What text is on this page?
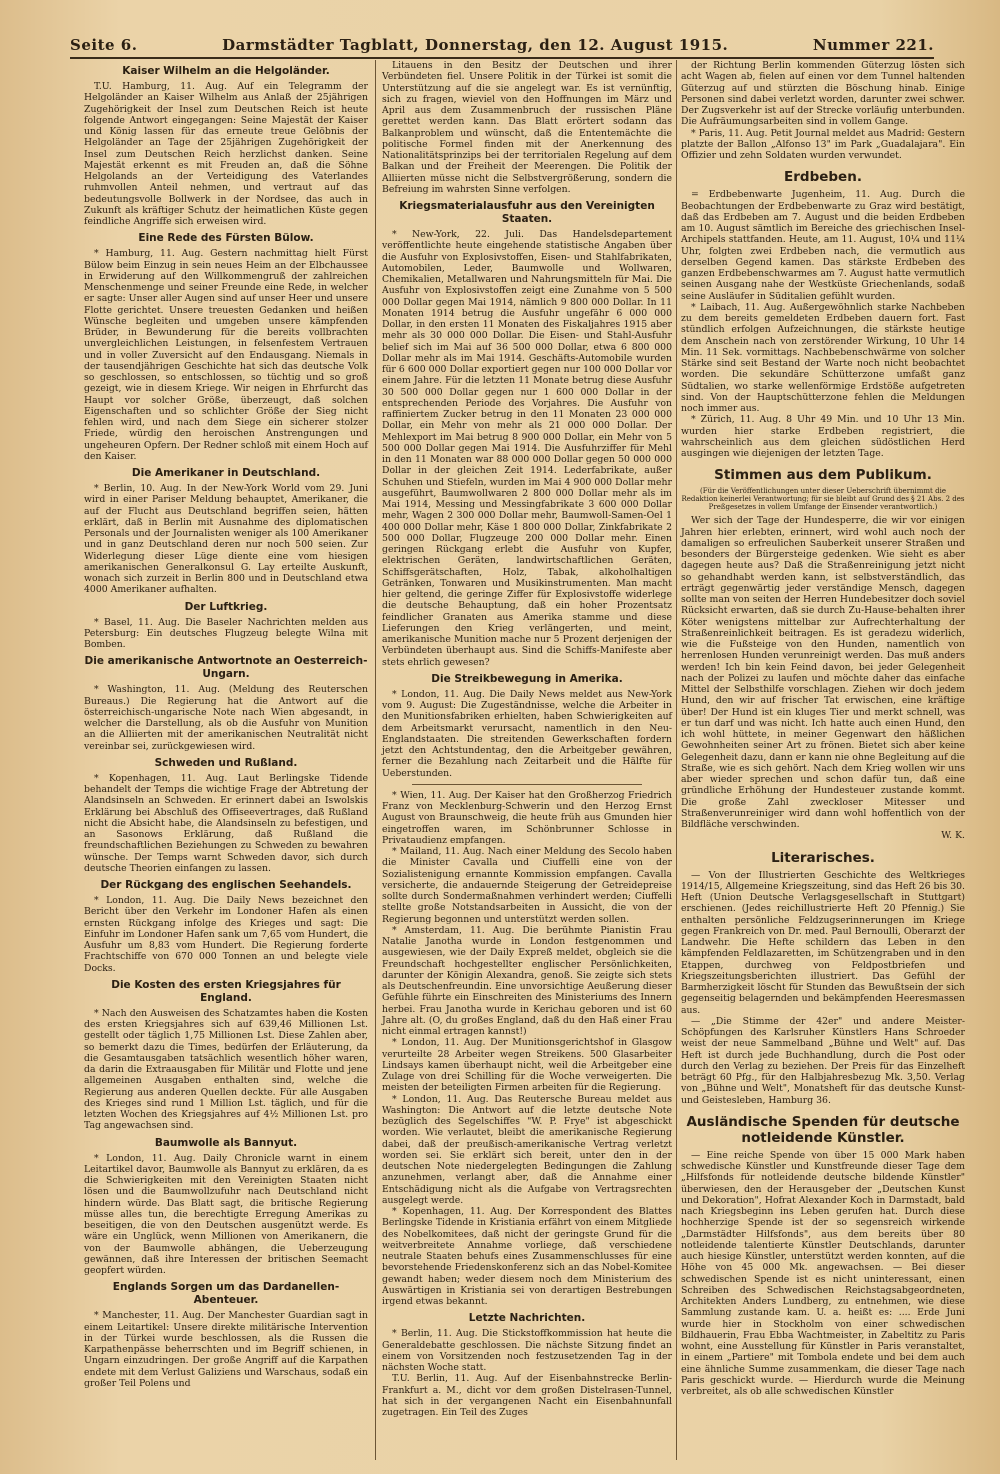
Seite 6.	Darmstädter Tagblatt, Donnerstag, den 12. August 1915.	Nummer 221.
Kaiser Wilhelm an die Helgoländer.

T.U. Hamburg, 11. Aug. Auf ein Telegramm der Helgoländer an Kaiser Wilhelm aus Anlaß der 25jährigen Zugehörigkeit der Insel zum Deutschen Reich ist heute folgende Antwort eingegangen: Seine Majestät der Kaiser und König lassen für das erneute treue Gelöbnis der Helgoländer an Tage der 25jährigen Zugehörigkeit der Insel zum Deutschen Reich herzlichst danken. Seine Majestät erkennt es mit Freuden an, daß die Söhne Helgolands an der Verteidigung des Vaterlandes ruhmvollen Anteil nehmen, und vertraut auf das bedeutungsvolle Bollwerk in der Nordsee, das auch in Zukunft als kräftiger Schutz der heimatlichen Küste gegen feindliche Angriffe sich erweisen wird.

Eine Rede des Fürsten Bülow.

* Hamburg, 11. Aug. Gestern nachmittag hielt Fürst Bülow beim Einzug in sein neues Heim an der Elbchaussee in Erwiderung auf den Willkommengruß der zahlreichen Menschenmenge und seiner Freunde eine Rede, in welcher er sagte: Unser aller Augen sind auf unser Heer und unsere Flotte gerichtet. Unsere treuesten Gedanken und heißen Wünsche begleiten und umgeben unsere kämpfenden Brüder, in Bewunderung für die bereits vollbrachten unvergleichlichen Leistungen, in felsenfestem Vertrauen und in voller Zuversicht auf den Endausgang. Niemals in der tausendjährigen Geschichte hat sich das deutsche Volk so geschlossen, so entschlossen, so tüchtig und so groß gezeigt, wie in diesem Kriege. Wir neigen in Ehrfurcht das Haupt vor solcher Größe, überzeugt, daß solchen Eigenschaften und so schlichter Größe der Sieg nicht fehlen wird, und nach dem Siege ein sicherer stolzer Friede, würdig den heroischen Anstrengungen und ungeheuren Opfern. Der Redner schloß mit einem Hoch auf den Kaiser.

Die Amerikaner in Deutschland.

* Berlin, 10. Aug. In der New-York World vom 29. Juni wird in einer Pariser Meldung behauptet, Amerikaner, die auf der Flucht aus Deutschland begriffen seien, hätten erklärt, daß in Berlin mit Ausnahme des diplomatischen Personals und der Journalisten weniger als 100 Amerikaner und in ganz Deutschland deren nur noch 500 seien. Zur Widerlegung dieser Lüge diente eine vom hiesigen amerikanischen Generalkonsul G. Lay erteilte Auskunft, wonach sich zurzeit in Berlin 800 und in Deutschland etwa 4000 Amerikaner aufhalten.

Der Luftkrieg.

* Basel, 11. Aug. Die Baseler Nachrichten melden aus Petersburg: Ein deutsches Flugzeug belegte Wilna mit Bomben.

Die amerikanische Antwortnote an Oesterreich-Ungarn.

* Washington, 11. Aug. (Meldung des Reuterschen Bureaus.) Die Regierung hat die Antwort auf die österreichisch-ungarische Note nach Wien abgesandt, in welcher die Darstellung, als ob die Ausfuhr von Munition an die Alliierten mit der amerikanischen Neutralität nicht vereinbar sei, zurückgewiesen wird.

Schweden und Rußland.

* Kopenhagen, 11. Aug. Laut Berlingske Tidende behandelt der Temps die wichtige Frage der Abtretung der Alandsinseln an Schweden. Er erinnert dabei an Iswolskis Erklärung bei Abschluß des Offiseevertrages, daß Rußland nicht die Absicht habe, die Alandsinseln zu befestigen, und an Sasonows Erklärung, daß Rußland die freundschaftlichen Beziehungen zu Schweden zu bewahren wünsche. Der Temps warnt Schweden davor, sich durch deutsche Theorien einfangen zu lassen.

Der Rückgang des englischen Seehandels.

* London, 11. Aug. Die Daily News bezeichnet den Bericht über den Verkehr im Londoner Hafen als einen ernsten Rückgang infolge des Krieges und sagt: Die Einfuhr im Londoner Hafen sank um 7,65 vom Hundert, die Ausfuhr um 8,83 vom Hundert. Die Regierung forderte Frachtschiffe von 670 000 Tonnen an und belegte viele Docks.

Die Kosten des ersten Kriegsjahres für England.

* Nach den Ausweisen des Schatzamtes haben die Kosten des ersten Kriegsjahres sich auf 639,46 Millionen Lst. gestellt oder täglich 1,75 Millionen Lst. Diese Zahlen aber, so bemerkt dazu die Times, bedürfen der Erläuterung, da die Gesamtausgaben tatsächlich wesentlich höher waren, da darin die Extraausgaben für Militär und Flotte und jene allgemeinen Ausgaben enthalten sind, welche die Regierung aus anderen Quellen deckte. Für alle Ausgaben des Krieges sind rund 1 Million Lst. täglich, und für die letzten Wochen des Kriegsjahres auf 4½ Millionen Lst. pro Tag angewachsen sind.

Baumwolle als Bannyut.

* London, 11. Aug. Daily Chronicle warnt in einem Leitartikel davor, Baumwolle als Bannyut zu erklären, da es die Schwierigkeiten mit den Vereinigten Staaten nicht lösen und die Baumwollzufuhr nach Deutschland nicht hindern würde. Das Blatt sagt, die britische Regierung müsse alles tun, die berechtigte Erregung Amerikas zu beseitigen, die von den Deutschen ausgenützt werde. Es wäre ein Unglück, wenn Millionen von Amerikanern, die von der Baumwolle abhängen, die Ueberzeugung gewännen, daß ihre Interessen der britischen Seemacht geopfert würden.

Englands Sorgen um das Dardanellen-Abenteuer.

* Manchester, 11. Aug. Der Manchester Guardian sagt in einem Leitartikel: Unsere direkte militärische Intervention in der Türkei wurde beschlossen, als die Russen die Karpathenpässe beherrschten und im Begriff schienen, in Ungarn einzudringen. Der große Angriff auf die Karpathen endete mit dem Verlust Galiziens und Warschaus, sodaß ein großer Teil Polens und

Litauens in den Besitz der Deutschen und ihrer Verbündeten fiel. Unsere Politik in der Türkei ist somit die Unterstützung auf die sie angelegt war. Es ist vernünftig, sich zu fragen, wieviel von den Hoffnungen im März und April aus dem Zusammenbruch der russischen Pläne gerettet werden kann. Das Blatt erörtert sodann das Balkanproblem und wünscht, daß die Ententemächte die politische Formel finden mit der Anerkennung des Nationalitätsprinzips bei der territorialen Regelung auf dem Balkan und der Freiheit der Meerengen. Die Politik der Alliierten müsse nicht die Selbstvergrößerung, sondern die Befreiung im wahrsten Sinne verfolgen.

Kriegsmaterialausfuhr aus den Vereinigten Staaten.

* New-York, 22. Juli. Das Handelsdepartement veröffentlichte heute eingehende statistische Angaben über die Ausfuhr von Explosivstoffen, Eisen- und Stahlfabrikaten, Automobilen, Leder, Baumwolle und Wollwaren, Chemikalien, Metallwaren und Nahrungsmitteln für Mai. Die Ausfuhr von Explosivstoffen zeigt eine Zunahme von 5 500 000 Dollar gegen Mai 1914, nämlich 9 800 000 Dollar. In 11 Monaten 1914 betrug die Ausfuhr ungefähr 6 000 000 Dollar, in den ersten 11 Monaten des Fiskaljahres 1915 aber mehr als 30 000 000 Dollar. Die Eisen- und Stahl-Ausfuhr belief sich im Mai auf 36 500 000 Dollar, etwa 6 800 000 Dollar mehr als im Mai 1914. Geschäfts-Automobile wurden für 6 600 000 Dollar exportiert gegen nur 100 000 Dollar vor einem Jahre. Für die letzten 11 Monate betrug diese Ausfuhr 30 500 000 Dollar gegen nur 1 600 000 Dollar in der entsprechenden Periode des Vorjahres. Die Ausfuhr von raffiniertem Zucker betrug in den 11 Monaten 23 000 000 Dollar, ein Mehr von mehr als 21 000 000 Dollar. Der Mehlexport im Mai betrug 8 900 000 Dollar, ein Mehr von 5 500 000 Dollar gegen Mai 1914. Die Ausfuhrziffer für Mehl in den 11 Monaten war 88 000 000 Dollar gegen 50 000 000 Dollar in der gleichen Zeit 1914. Lederfabrikate, außer Schuhen und Stiefeln, wurden im Mai 4 900 000 Dollar mehr ausgeführt, Baumwollwaren 2 800 000 Dollar mehr als im Mai 1914, Messing und Messingfabrikate 3 600 000 Dollar mehr, Wagen 2 300 000 Dollar mehr, Baumwoll-Samen-Oel 1 400 000 Dollar mehr, Käse 1 800 000 Dollar, Zinkfabrikate 2 500 000 Dollar, Flugzeuge 200 000 Dollar mehr. Einen geringen Rückgang erlebt die Ausfuhr von Kupfer, elektrischen Geräten, landwirtschaftlichen Geräten, Schiffsgerätschaften, Holz, Tabak, alkoholhaltigen Getränken, Tonwaren und Musikinstrumenten. Man macht hier geltend, die geringe Ziffer für Explosivstoffe widerlege die deutsche Behauptung, daß ein hoher Prozentsatz feindlicher Granaten aus Amerika stamme und diese Lieferungen den Krieg verlängerten, und meint, amerikanische Munition mache nur 5 Prozent derjenigen der Verbündeten überhaupt aus. Sind die Schiffs-Manifeste aber stets ehrlich gewesen?

Die Streikbewegung in Amerika.

* London, 11. Aug. Die Daily News meldet aus New-York vom 9. August: Die Zugeständnisse, welche die Arbeiter in den Munitionsfabriken erhielten, haben Schwierigkeiten auf dem Arbeitsmarkt verursacht, namentlich in den Neu-Englandstaaten. Die streitenden Gewerkschaften fordern jetzt den Achtstundentag, den die Arbeitgeber gewähren, ferner die Bezahlung nach Zeitarbeit und die Hälfte für Ueberstunden.

* Wien, 11. Aug. Der Kaiser hat den Großherzog Friedrich Franz von Mecklenburg-Schwerin und den Herzog Ernst August von Braunschweig, die heute früh aus Gmunden hier eingetroffen waren, im Schönbrunner Schlosse in Privataudienz empfangen.

* Mailand, 11. Aug. Nach einer Meldung des Secolo haben die Minister Cavalla und Ciuffelli eine von der Sozialistenigung ernannte Kommission empfangen. Cavalla versicherte, die andauernde Steigerung der Getreidepreise sollte durch Sondermaßnahmen verhindert werden; Ciuffelli stellte große Notstandsarbeiten in Aussicht, die von der Regierung begonnen und unterstützt werden sollen.

* Amsterdam, 11. Aug. Die berühmte Pianistin Frau Natalie Janotha wurde in London festgenommen und ausgewiesen, wie der Daily Expreß meldet, obgleich sie die Freundschaft hochgestellter englischer Persönlichkeiten, darunter der Königin Alexandra, genoß. Sie zeigte sich stets als Deutschenfreundin. Eine unvorsichtige Aeußerung dieser Gefühle führte ein Einschreiten des Ministeriums des Innern herbei. Frau Janotha wurde in Kerichau geboren und ist 60 Jahre alt. (O, du großes England, daß du den Haß einer Frau nicht einmal ertragen kannst!)

* London, 11. Aug. Der Munitionsgerichtshof in Glasgow verurteilte 28 Arbeiter wegen Streikens. 500 Glasarbeiter Lindsays kamen überhaupt nicht, weil die Arbeitgeber eine Zulage von drei Schilling für die Woche verweigerten. Die meisten der beteiligten Firmen arbeiten für die Regierung.

* London, 11. Aug. Das Reutersche Bureau meldet aus Washington: Die Antwort auf die letzte deutsche Note bezüglich des Segelschiffes "W. P. Frye" ist abgeschickt worden. Wie verlautet, bleibt die amerikanische Regierung dabei, daß der preußisch-amerikanische Vertrag verletzt worden sei. Sie erklärt sich bereit, unter den in der deutschen Note niedergelegten Bedingungen die Zahlung anzunehmen, verlangt aber, daß die Annahme einer Entschädigung nicht als die Aufgabe von Vertragsrechten ausgelegt werde.

* Kopenhagen, 11. Aug. Der Korrespondent des Blattes Berlingske Tidende in Kristiania erfährt von einem Mitgliede des Nobelkomitees, daß nicht der geringste Grund für die weitverbreitete Annahme vorliege, daß verschiedene neutrale Staaten behufs eines Zusammenschlusses für eine bevorstehende Friedenskonferenz sich an das Nobel-Komitee gewandt haben; weder diesem noch dem Ministerium des Auswärtigen in Kristiania sei von derartigen Bestrebungen irgend etwas bekannt.

Letzte Nachrichten.

* Berlin, 11. Aug. Die Stickstoffkommission hat heute die Generaldebatte geschlossen. Die nächste Sitzung findet an einem von Vorsitzenden noch festzusetzenden Tag in der nächsten Woche statt.

T.U. Berlin, 11. Aug. Auf der Eisenbahnstrecke Berlin-Frankfurt a. M., dicht vor dem großen Distelrasen-Tunnel, hat sich in der vergangenen Nacht ein Eisenbahnunfall zugetragen. Ein Teil des Zuges

der Richtung Berlin kommenden Güterzug lösten sich acht Wagen ab, fielen auf einen vor dem Tunnel haltenden Güterzug auf und stürzten die Böschung hinab. Einige Personen sind dabei verletzt worden, darunter zwei schwer. Der Zugsverkehr ist auf der Strecke vorläufig unterbunden. Die Aufräumungsarbeiten sind in vollem Gange.

* Paris, 11. Aug. Petit Journal meldet aus Madrid: Gestern platzte der Ballon „Alfonso 13" im Park „Guadalajara". Ein Offizier und zehn Soldaten wurden verwundet.

Erdbeben.

= Erdbebenwarte Jugenheim, 11. Aug. Durch die Beobachtungen der Erdbebenwarte zu Graz wird bestätigt, daß das Erdbeben am 7. August und die beiden Erdbeben am 10. August sämtlich im Bereiche des griechischen Insel-Archipels stattfanden. Heute, am 11. August, 10¼ und 11¼ Uhr, folgten zwei Erdbeben nach, die vermutlich aus derselben Gegend kamen. Das stärkste Erdbeben des ganzen Erdbebenschwarmes am 7. August hatte vermutlich seinen Ausgang nahe der Westküste Griechenlands, sodaß seine Ausläufer in Süditalien gefühlt wurden.

* Laibach, 11. Aug. Außergewöhnlich starke Nachbeben zu dem bereits gemeldeten Erdbeben dauern fort. Fast stündlich erfolgen Aufzeichnungen, die stärkste heutige dem Anschein nach von zerstörender Wirkung, 10 Uhr 14 Min. 11 Sek. vormittags. Nachbebenschwärme von solcher Stärke sind seit Bestand der Warte noch nicht beobachtet worden. Die sekundäre Schütterzone umfaßt ganz Südtalien, wo starke wellenförmige Erdstöße aufgetreten sind. Von der Hauptschütterzone fehlen die Meldungen noch immer aus.

* Zürich, 11. Aug. 8 Uhr 49 Min. und 10 Uhr 13 Min. wurden hier starke Erdbeben registriert, die wahrscheinlich aus dem gleichen südöstlichen Herd ausgingen wie diejenigen der letzten Tage.

Stimmen aus dem Publikum.
(Für die Veröffentlichungen unter dieser Ueberschrift übernimmt die Redaktion keinerlei Verantwortung; für sie bleibt auf Grund des § 21 Abs. 2 des Preßgesetzes in vollem Umfange der Einsender verantwortlich.)

Wer sich der Tage der Hundesperre, die wir vor einigen Jahren hier erlebten, erinnert, wird wohl auch noch der damaligen so erfreulichen Sauberkeit unserer Straßen und besonders der Bürgersteige gedenken. Wie sieht es aber dagegen heute aus? Daß die Straßenreinigung jetzt nicht so gehandhabt werden kann, ist selbstverständlich, das erträgt gegenwärtig jeder verständige Mensch, dagegen sollte man von seiten der Herren Hundebesitzer doch soviel Rücksicht erwarten, daß sie durch Zu-Hause-behalten ihrer Köter wenigstens mittelbar zur Aufrechterhaltung der Straßenreinlichkeit beitragen. Es ist geradezu widerlich, wie die Fußsteige von den Hunden, namentlich von herrenlosen Hunden verunreinigt werden. Das muß anders werden! Ich bin kein Feind davon, bei jeder Gelegenheit nach der Polizei zu laufen und möchte daher das einfache Mittel der Selbsthilfe vorschlagen. Ziehen wir doch jedem Hund, den wir auf frischer Tat erwischen, eine kräftige über! Der Hund ist ein kluges Tier und merkt schnell, was er tun darf und was nicht. Ich hatte auch einen Hund, den ich wohl hüttete, in meiner Gegenwart den häßlichen Gewohnheiten seiner Art zu frönen. Bietet sich aber keine Gelegenheit dazu, dann er kann nie ohne Begleitung auf die Straße, wie es sich gehört. Nach dem Krieg wollen wir uns aber wieder sprechen und schon dafür tun, daß eine gründliche Erhöhung der Hundesteuer zustande kommt. Die große Zahl zweckloser Mitesser und Straßenverunreiniger wird dann wohl hoffentlich von der Bildfläche verschwinden.

W. K.

Literarisches.

— Von der Illustrierten Geschichte des Weltkrieges 1914/15, Allgemeine Kriegszeitung, sind das Heft 26 bis 30. Heft (Union Deutsche Verlagsgesellschaft in Stuttgart) erschienen. (Jedes reichillustrierte Heft 20 Pfennig.) Sie enthalten persönliche Feldzugserinnerungen im Kriege gegen Frankreich von Dr. med. Paul Bernoulli, Oberarzt der Landwehr. Die Hefte schildern das Leben in den kämpfenden Feldlazaretten, im Schützengraben und in den Etappen, durchweg von Feldpostbriefen und Kriegszeitungsberichten illustriert. Das Gefühl der Barmherzigkeit löscht für Stunden das Bewußtsein der sich gegenseitig belagernden und bekämpfenden Heeresmassen aus.

— „Die Stimme der 42er" und andere Meister-Schöpfungen des Karlsruher Künstlers Hans Schroeder weist der neue Sammelband „Bühne und Welt" auf. Das Heft ist durch jede Buchhandlung, durch die Post oder durch den Verlag zu beziehen. Der Preis für das Einzelheft beträgt 60 Pfg., für den Halbjahresbezug Mk. 3,50. Verlag von „Bühne und Welt", Monatsheft für das deutsche Kunst- und Geistesleben, Hamburg 36.

Ausländische Spenden für deutsche notleidende Künstler.

— Eine reiche Spende von über 15 000 Mark haben schwedische Künstler und Kunstfreunde dieser Tage dem „Hilfsfonds für notleidende deutsche bildende Künstler" überwiesen, den der Herausgeber der „Deutschen Kunst und Dekoration", Hofrat Alexander Koch in Darmstadt, bald nach Kriegsbeginn ins Leben gerufen hat. Durch diese hochherzige Spende ist der so segensreich wirkende „Darmstädter Hilfsfonds", aus dem bereits über 80 notleidende talentierte Künstler Deutschlands, darunter auch hiesige Künstler, unterstützt werden konnten, auf die Höhe von 45 000 Mk. angewachsen. — Bei dieser schwedischen Spende ist es nicht uninteressant, einen Schreiben des Schwedischen Reichstagsabgeordneten, Architekten Anders Lundberg, zu entnehmen, wie diese Sammlung zustande kam. U. a. heißt es: .... Erde Juni wurde hier in Stockholm von einer schwedischen Bildhauerin, Frau Ebba Wachtmeister, in Zabeltitz zu Paris wohnt, eine Ausstellung für Künstler in Paris veranstaltet, in einem „Partiere" mit Tombola endete und bei dem auch eine ähnliche Summe zusammenkam, die dieser Tage nach Paris geschickt wurde. — Hierdurch wurde die Meinung verbreitet, als ob alle schwedischen Künstler
